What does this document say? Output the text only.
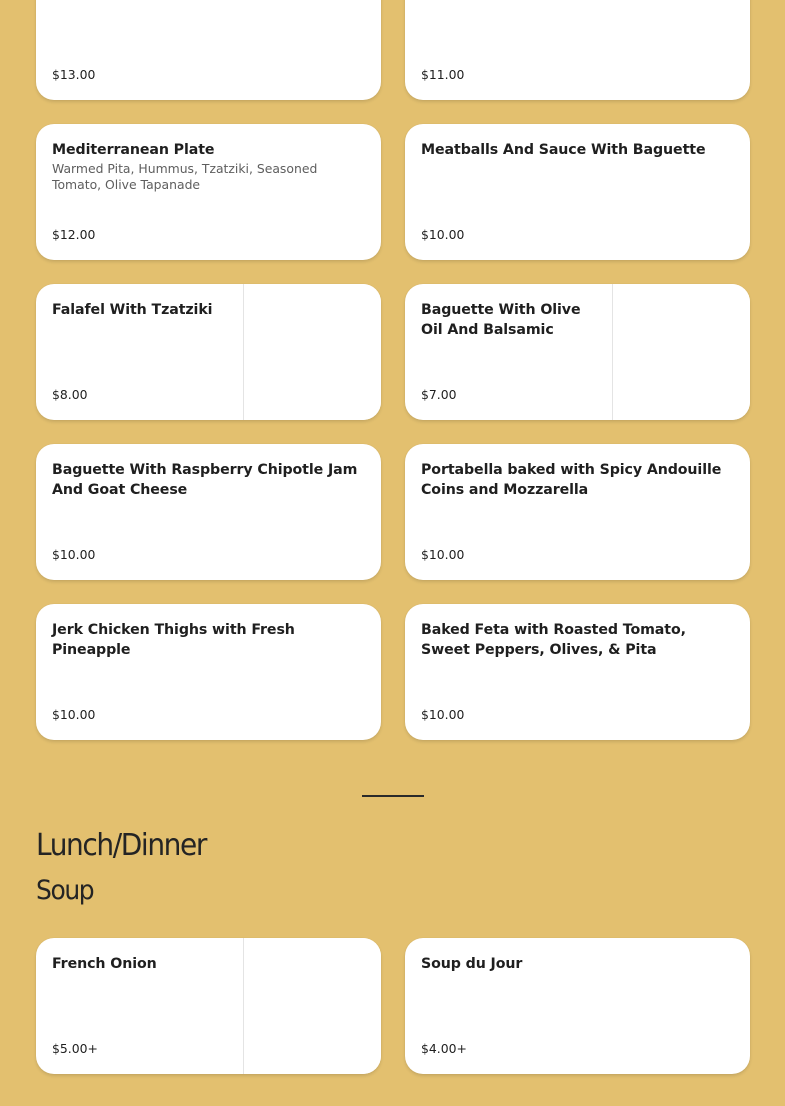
$13.00	$11.00
Mediterranean Plate
Warmed Pita, Hummus, Tzatziki, Seasoned Tomato, Olive Tapanade
$12.00
Meatballs And Sauce With Baguette
$10.00
Falafel With Tzatziki
$8.00
Baguette With Olive Oil And Balsamic
$7.00
Baguette With Raspberry Chipotle Jam And Goat Cheese
$10.00
Portabella baked with Spicy Andouille Coins and Mozzarella
$10.00
Jerk Chicken Thighs with Fresh Pineapple
$10.00
Baked Feta with Roasted Tomato, Sweet Peppers, Olives, & Pita
$10.00
Lunch/Dinner
Soup
French Onion
$5.00+
Soup du Jour
$4.00+
